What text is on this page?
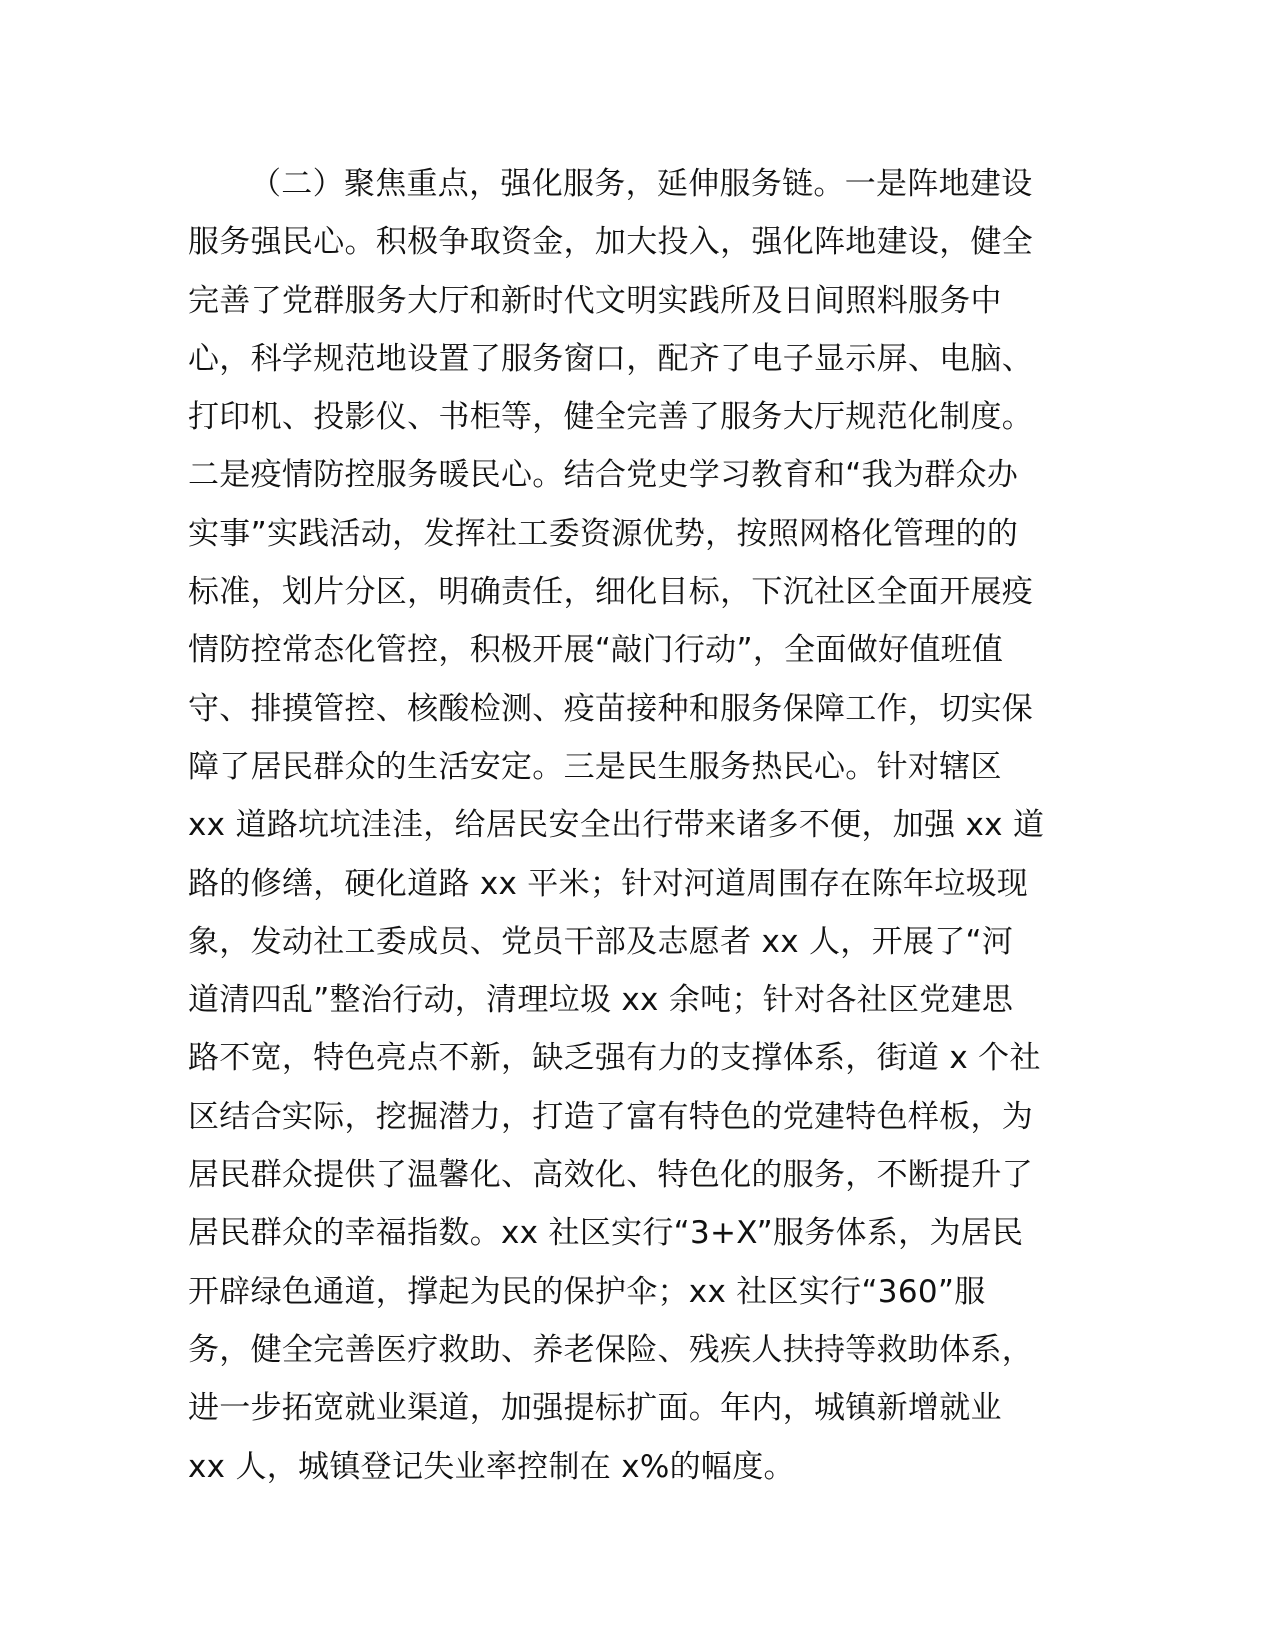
（二）聚焦重点，强化服务，延伸服务链。一是阵地建设
服务强民心。积极争取资金，加大投入，强化阵地建设，健全
完善了党群服务大厅和新时代文明实践所及日间照料服务中
心，科学规范地设置了服务窗口，配齐了电子显示屏、电脑、
打印机、投影仪、书柜等，健全完善了服务大厅规范化制度。
二是疫情防控服务暖民心。结合党史学习教育和“我为群众办
实事”实践活动，发挥社工委资源优势，按照网格化管理的的
标准，划片分区，明确责任，细化目标，下沉社区全面开展疫
情防控常态化管控，积极开展“敲门行动”，全面做好值班值
守、排摸管控、核酸检测、疫苗接种和服务保障工作，切实保
障了居民群众的生活安定。三是民生服务热民心。针对辖区
xx 道路坑坑洼洼，给居民安全出行带来诸多不便，加强 xx 道
路的修缮，硬化道路 xx 平米；针对河道周围存在陈年垃圾现
象，发动社工委成员、党员干部及志愿者 xx 人，开展了“河
道清四乱”整治行动，清理垃圾 xx 余吨；针对各社区党建思
路不宽，特色亮点不新，缺乏强有力的支撑体系，街道 x 个社
区结合实际，挖掘潜力，打造了富有特色的党建特色样板，为
居民群众提供了温馨化、高效化、特色化的服务，不断提升了
居民群众的幸福指数。xx 社区实行“3+X”服务体系，为居民
开辟绿色通道，撑起为民的保护伞；xx 社区实行“360”服
务，健全完善医疗救助、养老保险、残疾人扶持等救助体系，
进一步拓宽就业渠道，加强提标扩面。年内，城镇新增就业
xx 人，城镇登记失业率控制在 x%的幅度。
